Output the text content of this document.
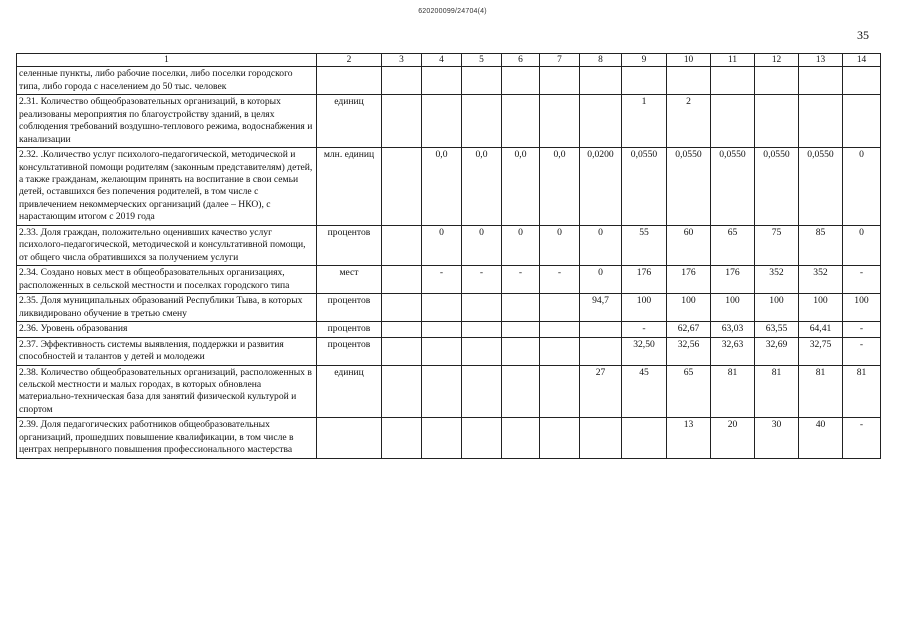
620200099/24704(4)
35
1	2	3	4	5	6	7	8	9	10	11	12	13	14
селенные пункты, либо рабочие поселки, либо поселки городского типа, либо города с населением до 50 тыс. человек													
2.31. Количество общеобразовательных организаций, в которых реализованы мероприятия по благоустройству зданий, в целях соблюдения требований воздушно-теплового режима, водоснабжения и канализации	единиц							1	2				
2.32. .Количество услуг психолого-педагогической, методической и консультативной помощи родителям (законным представителям) детей, а также гражданам, желающим принять на воспитание в свои семьи детей, оставшихся без попечения родителей, в том числе с привлечением некоммерческих организаций (далее – НКО), с нарастающим итогом с 2019 года	млн. единиц		0,0	0,0	0,0	0,0	0,0200	0,0550	0,0550	0,0550	0,0550	0,0550	0
2.33. Доля граждан, положительно оценивших качество услуг психолого-педагогической, методической и консультативной помощи, от общего числа обратившихся за получением услуги	процентов		0	0	0	0	0	55	60	65	75	85	0
2.34. Создано новых мест в общеобразовательных организациях, расположенных в сельской местности и поселках городского типа	мест		-	-	-	-	0	176	176	176	352	352	-
2.35. Доля муниципальных образований Республики Тыва, в которых ликвидировано обучение в третью смену	процентов						94,7	100	100	100	100	100	100
2.36. Уровень образования	процентов							-	62,67	63,03	63,55	64,41	-
2.37. Эффективность системы выявления, поддержки и развития способностей и талантов у детей и молодежи	процентов							32,50	32,56	32,63	32,69	32,75	-
2.38. Количество общеобразовательных организаций, расположенных в сельской местности и малых городах, в которых обновлена материально-техническая база для занятий физической культурой и спортом	единиц						27	45	65	81	81	81	81
2.39. Доля педагогических работников общеобразовательных организаций, прошедших повышение квалификации, в том числе в центрах непрерывного повышения профессионального мастерства									13	20	30	40	-
